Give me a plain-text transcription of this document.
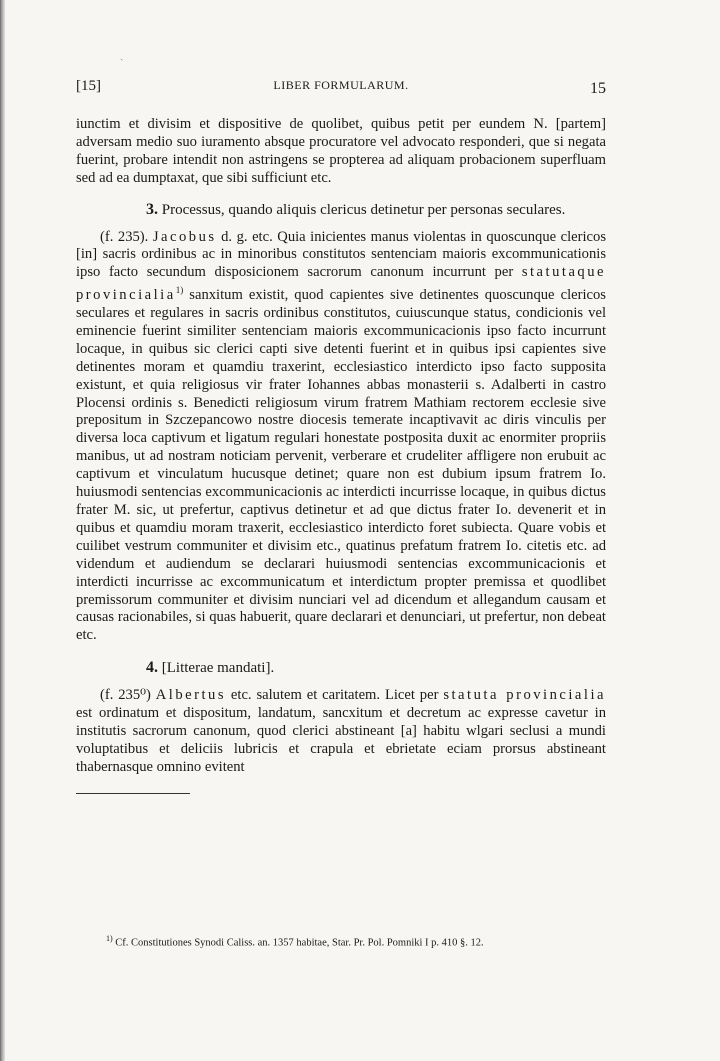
ˎ
[15]	LIBER FORMULARUM.	15

iunctim et divisim et dispositive de quolibet, quibus petit per eundem N. [partem] adversam medio suo iuramento absque procuratore vel advocato responderi, que si negata fuerint, probare intendit non astringens se propterea ad aliquam probacionem superfluam sed ad ea dumptaxat, que sibi sufficiunt etc.

3. Processus, quando aliquis clericus detinetur per personas seculares.

(f. 235). Jacobus d. g. etc. Quia inicientes manus violentas in quoscunque clericos [in] sacris ordinibus ac in minoribus constitutos sentenciam maioris excommunicationis ipso facto secundum disposicionem sacrorum canonum incurrunt per statutaque provincialia$^{1)}$ sanxitum existit, quod capientes sive detinentes quoscunque clericos seculares et regulares in sacris ordinibus constitutos, cuiuscunque status, condicionis vel eminencie fuerint similiter sentenciam maioris excommunicacionis ipso facto incurrunt locaque, in quibus sic clerici capti sive detenti fuerint et in quibus ipsi capientes sive detinentes moram et quamdiu traxerint, ecclesiastico interdicto ipso facto supposita existunt, et quia religiosus vir frater Iohannes abbas monasterii s. Adalberti in castro Plocensi ordinis s. Benedicti religiosum virum fratrem Mathiam rectorem ecclesie sive prepositum in Szczepancowo nostre diocesis temerate incaptivavit ac diris vinculis per diversa loca captivum et ligatum regulari honestate postposita duxit ac enormiter propriis manibus, ut ad nostram noticiam pervenit, verberare et crudeliter affligere non erubuit ac captivum et vinculatum hucusque detinet; quare non est dubium ipsum fratrem Io. huiusmodi sentencias excommunicacionis ac interdicti incurrisse locaque, in quibus dictus frater M. sic, ut prefertur, captivus detinetur et ad que dictus frater Io. devenerit et in quibus et quamdiu moram traxerit, ecclesiastico interdicto foret subiecta. Quare vobis et cuilibet vestrum communiter et divisim etc., quatinus prefatum fratrem Io. citetis etc. ad videndum et audiendum se declarari huiusmodi sentencias excommunicacionis et interdicti incurrisse ac excommunicatum et interdictum propter premissa et quodlibet premissorum communiter et divisim nunciari vel ad dicendum et allegandum causam et causas racionabiles, si quas habuerit, quare declarari et denunciari, ut prefertur, non debeat etc.

4. [Litterae mandati].

(f. 235⁰) Albertus etc. salutem et caritatem. Licet per statuta provincialia est ordinatum et dispositum, landatum, sancxitum et decretum ac expresse cavetur in institutis sacrorum canonum, quod clerici abstineant [a] habitu wlgari seclusi a mundi voluptatibus et deliciis lubricis et crapula et ebrietate eciam prorsus abstineant thabernasque omnino evitent

$^{1)}$ Cf. Constitutiones Synodi Caliss. an. 1357 habitae, Star. Pr. Pol. Pomniki I p. 410 §. 12.
